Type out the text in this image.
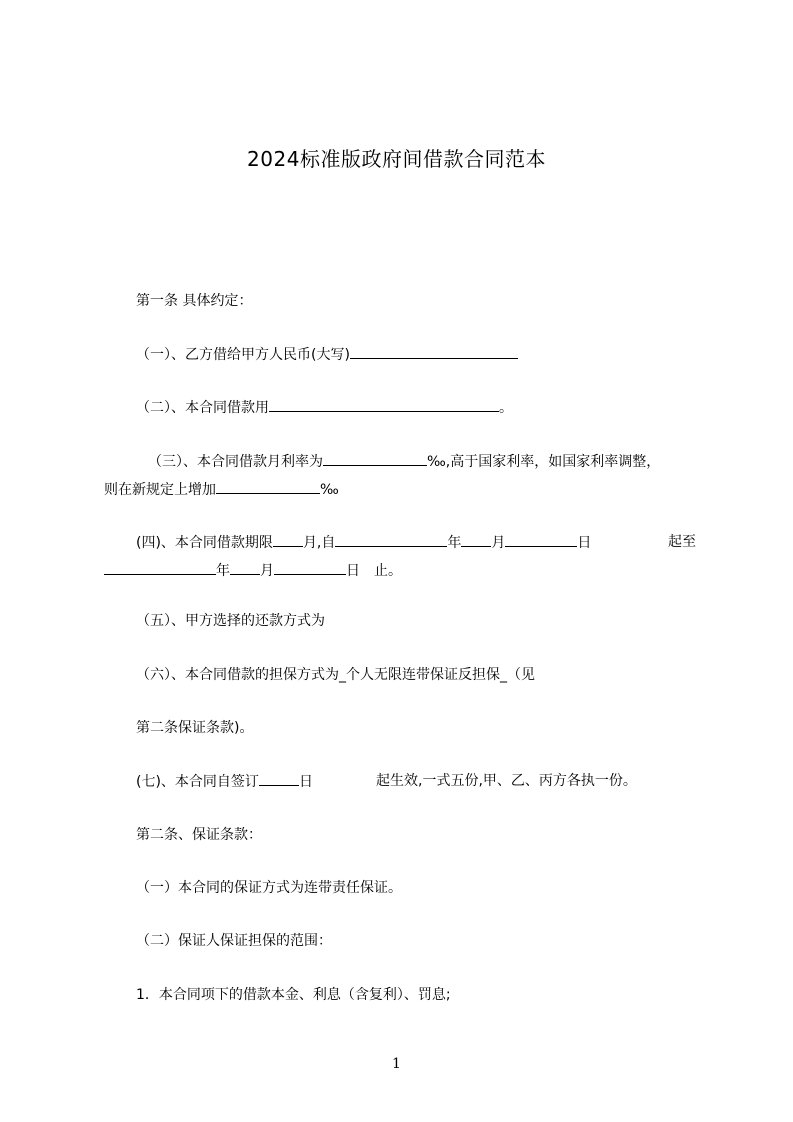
2024标准版政府间借款合同范本
第一条 具体约定：
（一）、乙方借给甲方人民币(大写)
（二）、本合同借款用	。
（三）、本合同借款月利率为	‰,高于国家利率，如国家利率调整，
则在新规定上增加	‰
(四)、本合同借款期限 月,自	年 月	日	起至
年 月	日 止。
（五）、甲方选择的还款方式为
（六）、本合同借款的担保方式为_个人无限连带保证反担保_（见
第二条保证条款)。
(七)、本合同自签订	日	起生效,一式五份,甲、乙、丙方各执一份。
第二条、保证条款：
（一）本合同的保证方式为连带责任保证。
（二）保证人保证担保的范围：
1．本合同项下的借款本金、利息（含复利）、罚息;
1
